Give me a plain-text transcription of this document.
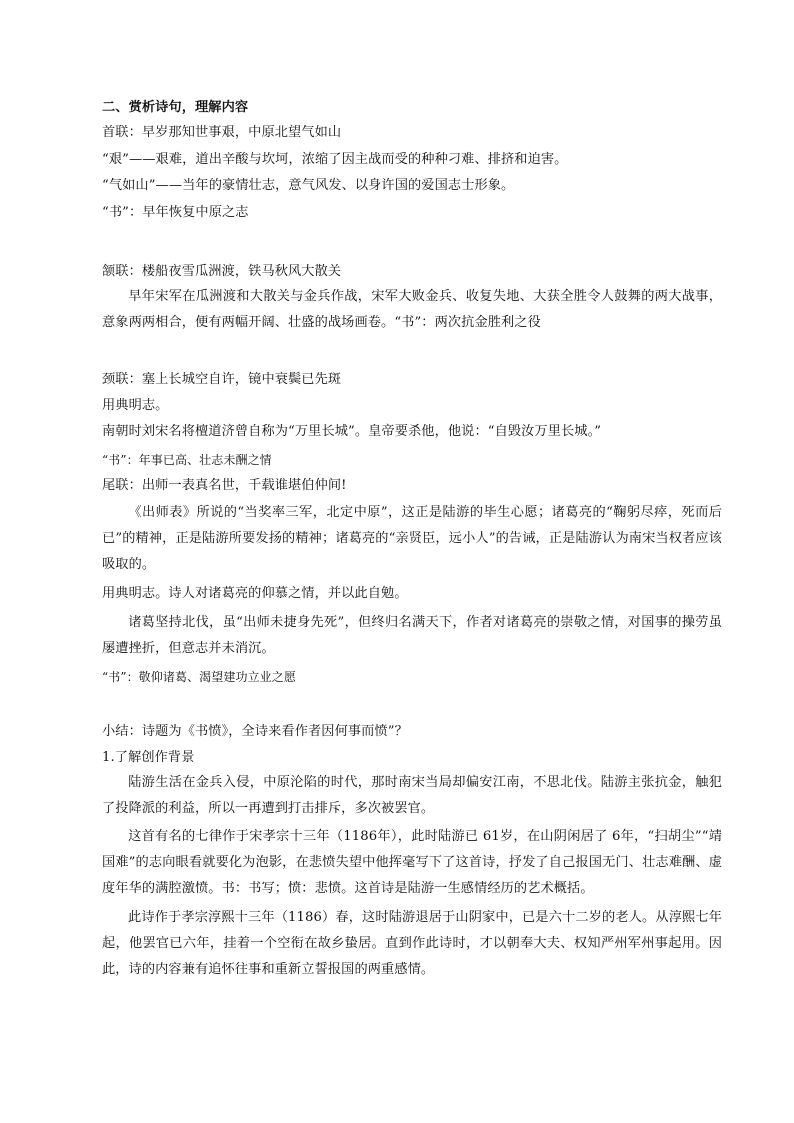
二、赏析诗句，理解内容
首联：早岁那知世事艰，中原北望气如山
“艰”——艰难，道出辛酸与坎坷，浓缩了因主战而受的种种刁难、排挤和迫害。
“气如山”——当年的豪情壮志，意气风发、以身许国的爱国志士形象。
“书”：早年恢复中原之志
颔联：楼船夜雪瓜洲渡，铁马秋风大散关
早年宋军在瓜洲渡和大散关与金兵作战，宋军大败金兵、收复失地、大获全胜令人鼓舞的两大战事，意象两两相合，便有两幅开阔、壮盛的战场画卷。“书”：两次抗金胜利之役
颈联：塞上长城空自许，镜中衰鬓已先斑
用典明志。
南朝时刘宋名将檀道济曾自称为“万里长城”。皇帝要杀他，他说：“自毁汝万里长城。”
“书”：年事已高、壮志未酬之情
尾联：出师一表真名世，千载谁堪伯仲间!
《出师表》所说的“当奖率三军，北定中原”，这正是陆游的毕生心愿；诸葛亮的“鞠躬尽瘁，死而后已”的精神，正是陆游所要发扬的精神；诸葛亮的“亲贤臣，远小人”的告诫，正是陆游认为南宋当权者应该吸取的。
用典明志。诗人对诸葛亮的仰慕之情，并以此自勉。
诸葛坚持北伐，虽“出师未捷身先死”，但终归名满天下，作者对诸葛亮的崇敬之情，对国事的操劳虽屡遭挫折，但意志并未消沉。
“书”：敬仰诸葛、渴望建功立业之愿
小结：诗题为《书愤》，全诗来看作者因何事而愤”？
1.了解创作背景
陆游生活在金兵入侵，中原沦陷的时代，那时南宋当局却偏安江南，不思北伐。陆游主张抗金，触犯了投降派的利益，所以一再遭到打击排斥，多次被罢官。
这首有名的七律作于宋孝宗十三年（1186年），此时陆游已 61岁，在山阴闲居了 6年，“扫胡尘”“靖国难”的志向眼看就要化为泡影，在悲愤失望中他挥毫写下了这首诗，抒发了自己报国无门、壮志难酬、虚度年华的满腔激愤。书：书写；愤：悲愤。这首诗是陆游一生感情经历的艺术概括。
此诗作于孝宗淳熙十三年（1186）春，这时陆游退居于山阴家中，已是六十二岁的老人。从淳熙七年起，他罢官已六年，挂着一个空衔在故乡蛰居。直到作此诗时，才以朝奉大夫、权知严州军州事起用。因此，诗的内容兼有追怀往事和重新立誓报国的两重感情。
